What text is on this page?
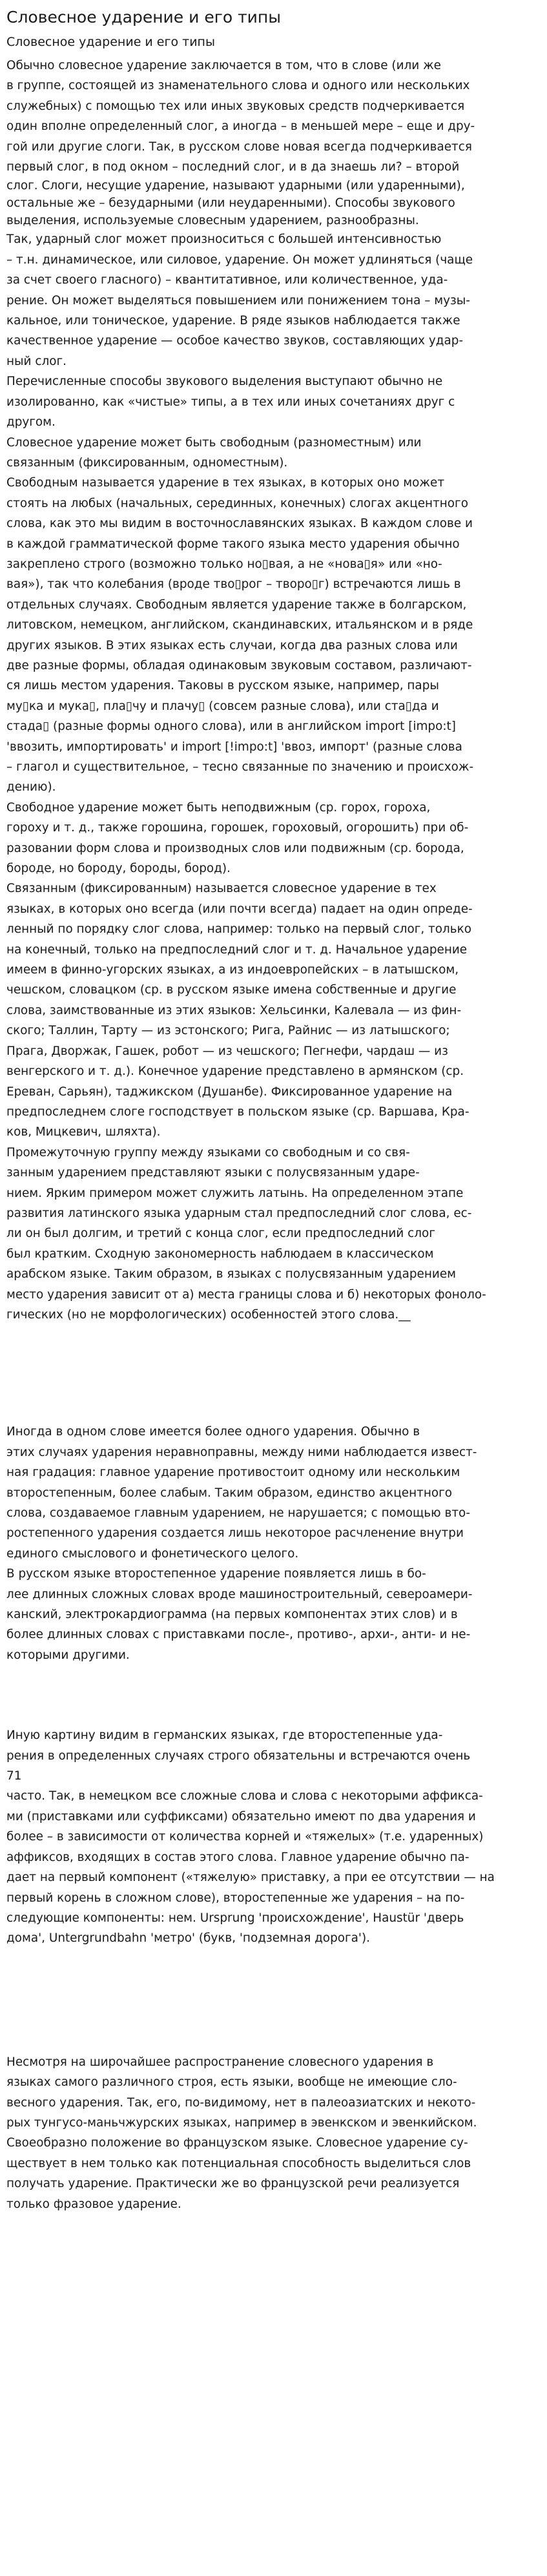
Словесное ударение и его типы
Словесное ударение и его типы
Обычно словесное ударение заключается в том, что в слове (или же
в группе, состоящей из знаменательного слова и одного или нескольких
служебных) с помощью тех или иных звуковых средств подчеркивается
один вполне определенный слог, а иногда – в меньшей мере – еще и дру-
гой или другие слоги. Так, в русском слове новая всегда подчеркивается
первый слог, в под окном – последний слог, и в да знаешь ли? – второй
слог. Слоги, несущие ударение, называют ударными (или ударенными),
остальные же – безударными (или неударенными). Способы звукового
выделения, используемые словесным ударением, разнообразны.
Так, ударный слог может произноситься с большей интенсивностью
– т.н. динамическое, или силовое, ударение. Он может удлиняться (чаще
за счет своего гласного) – квантитативное, или количественное, уда-
рение. Он может выделяться повышением или понижением тона – музы-
кальное, или тоническое, ударение. В ряде языков наблюдается также
качественное ударение — особое качество звуков, составляющих удар-
ный слог.
Перечисленные способы звукового выделения выступают обычно не
изолированно, как «чистые» типы, а в тех или иных сочетаниях друг с
другом.
Словесное ударение может быть свободным (разноместным) или
связанным (фиксированным, одноместным).
Свободным называется ударение в тех языках, в которых оно может
стоять на любых (начальных, серединных, конечных) слогах акцентного
слова, как это мы видим в восточнославянских языках. В каждом слове и
в каждой грамматической форме такого языка место ударения обычно
закреплено строго (возможно только но▯вая, а не «нова▯я» или «но-
вая»), так что колебания (вроде тво▯рог – творо▯г) встречаются лишь в
отдельных случаях. Свободным является ударение также в болгарском,
литовском, немецком, английском, скандинавских, итальянском и в ряде
других языков. В этих языках есть случаи, когда два разных слова или
две разные формы, обладая одинаковым звуковым составом, различают-
ся лишь местом ударения. Таковы в русском языке, например, пары
му▯ка и мука▯, пла▯чу и плачу▯ (совсем разные слова), или ста▯да и
стада▯ (разные формы одного слова), или в английском import [impo:t]
'ввозить, импортировать' и import [!impo:t] 'ввоз, импорт' (разные слова
– глагол и существительное, – тесно связанные по значению и происхож-
дению).
Свободное ударение может быть неподвижным (ср. горох, гороха,
гороху и т. д., также горошина, горошек, гороховый, огорошить) при об-
разовании форм слова и производных слов или подвижным (ср. борода,
бороде, но бороду, бороды, бород).
Связанным (фиксированным) называется словесное ударение в тех
языках, в которых оно всегда (или почти всегда) падает на один опреде-
ленный по порядку слог слова, например: только на первый слог, только
на конечный, только на предпоследний слог и т. д. Начальное ударение
имеем в финно-угорских языках, а из индоевропейских – в латышском,
чешском, словацком (ср. в русском языке имена собственные и другие
слова, заимствованные из этих языков: Хельсинки, Калевала — из фин-
ского; Таллин, Тарту — из эстонского; Рига, Райнис — из латышского;
Прага, Дворжак, Гашек, робот — из чешского; Пегнефи, чардаш — из
венгерского и т. д.). Конечное ударение представлено в армянском (ср.
Ереван, Сарьян), таджикском (Душанбе). Фиксированное ударение на
предпоследнем слоге господствует в польском языке (ср. Варшава, Кра-
ков, Мицкевич, шляхта).
Промежуточную группу между языками со свободным и со свя-
занным ударением представляют языки с полусвязанным ударе-
нием. Ярким примером может служить латынь. На определенном этапе
развития латинского языка ударным стал предпоследний слог слова, ес-
ли он был долгим, и третий с конца слог, если предпоследний слог
был кратким. Сходную закономерность наблюдаем в классическом
арабском языке. Таким образом, в языках с полусвязанным ударением
место ударения зависит от а) места границы слова и б) некоторых фоноло-
гических (но не морфологических) особенностей этого слова.__
Иногда в одном слове имеется более одного ударения. Обычно в
этих случаях ударения неравноправны, между ними наблюдается извест-
ная градация: главное ударение противостоит одному или нескольким
второстепенным, более слабым. Таким образом, единство акцентного
слова, создаваемое главным ударением, не нарушается; с помощью вто-
ростепенного ударения создается лишь некоторое расчленение внутри
единого смыслового и фонетического целого.
В русском языке второстепенное ударение появляется лишь в бо-
лее длинных сложных словах вроде машиностроительный, североамери-
канский, электрокардиограмма (на первых компонентах этих слов) и в
более длинных словах с приставками после-, противо-, архи-, анти- и не-
которыми другими.
Иную картину видим в германских языках, где второстепенные уда-
рения в определенных случаях строго обязательны и встречаются очень
71
часто. Так, в немецком все сложные слова и слова с некоторыми аффикса-
ми (приставками или суффиксами) обязательно имеют по два ударения и
более – в зависимости от количества корней и «тяжелых» (т.е. ударенных)
аффиксов, входящих в состав этого слова. Главное ударение обычно па-
дает на первый компонент («тяжелую» приставку, а при ее отсутствии — на
первый корень в сложном слове), второстепенные же ударения – на по-
следующие компоненты: нем. Ursprung 'происхождение', Haustür 'дверь
дома', Untergrundbahn 'метро' (букв, 'подземная дорога').
Несмотря на широчайшее распространение словесного ударения в
языках самого различного строя, есть языки, вообще не имеющие сло-
весного ударения. Так, его, по-видимому, нет в палеоазиатских и некото-
рых тунгусо-маньчжурских языках, например в эвенкском и эвенкийском.
Своеобразно положение во французском языке. Словесное ударение су-
ществует в нем только как потенциальная способность выделиться слов
получать ударение. Практически же во французской речи реализуется
только фразовое ударение.
